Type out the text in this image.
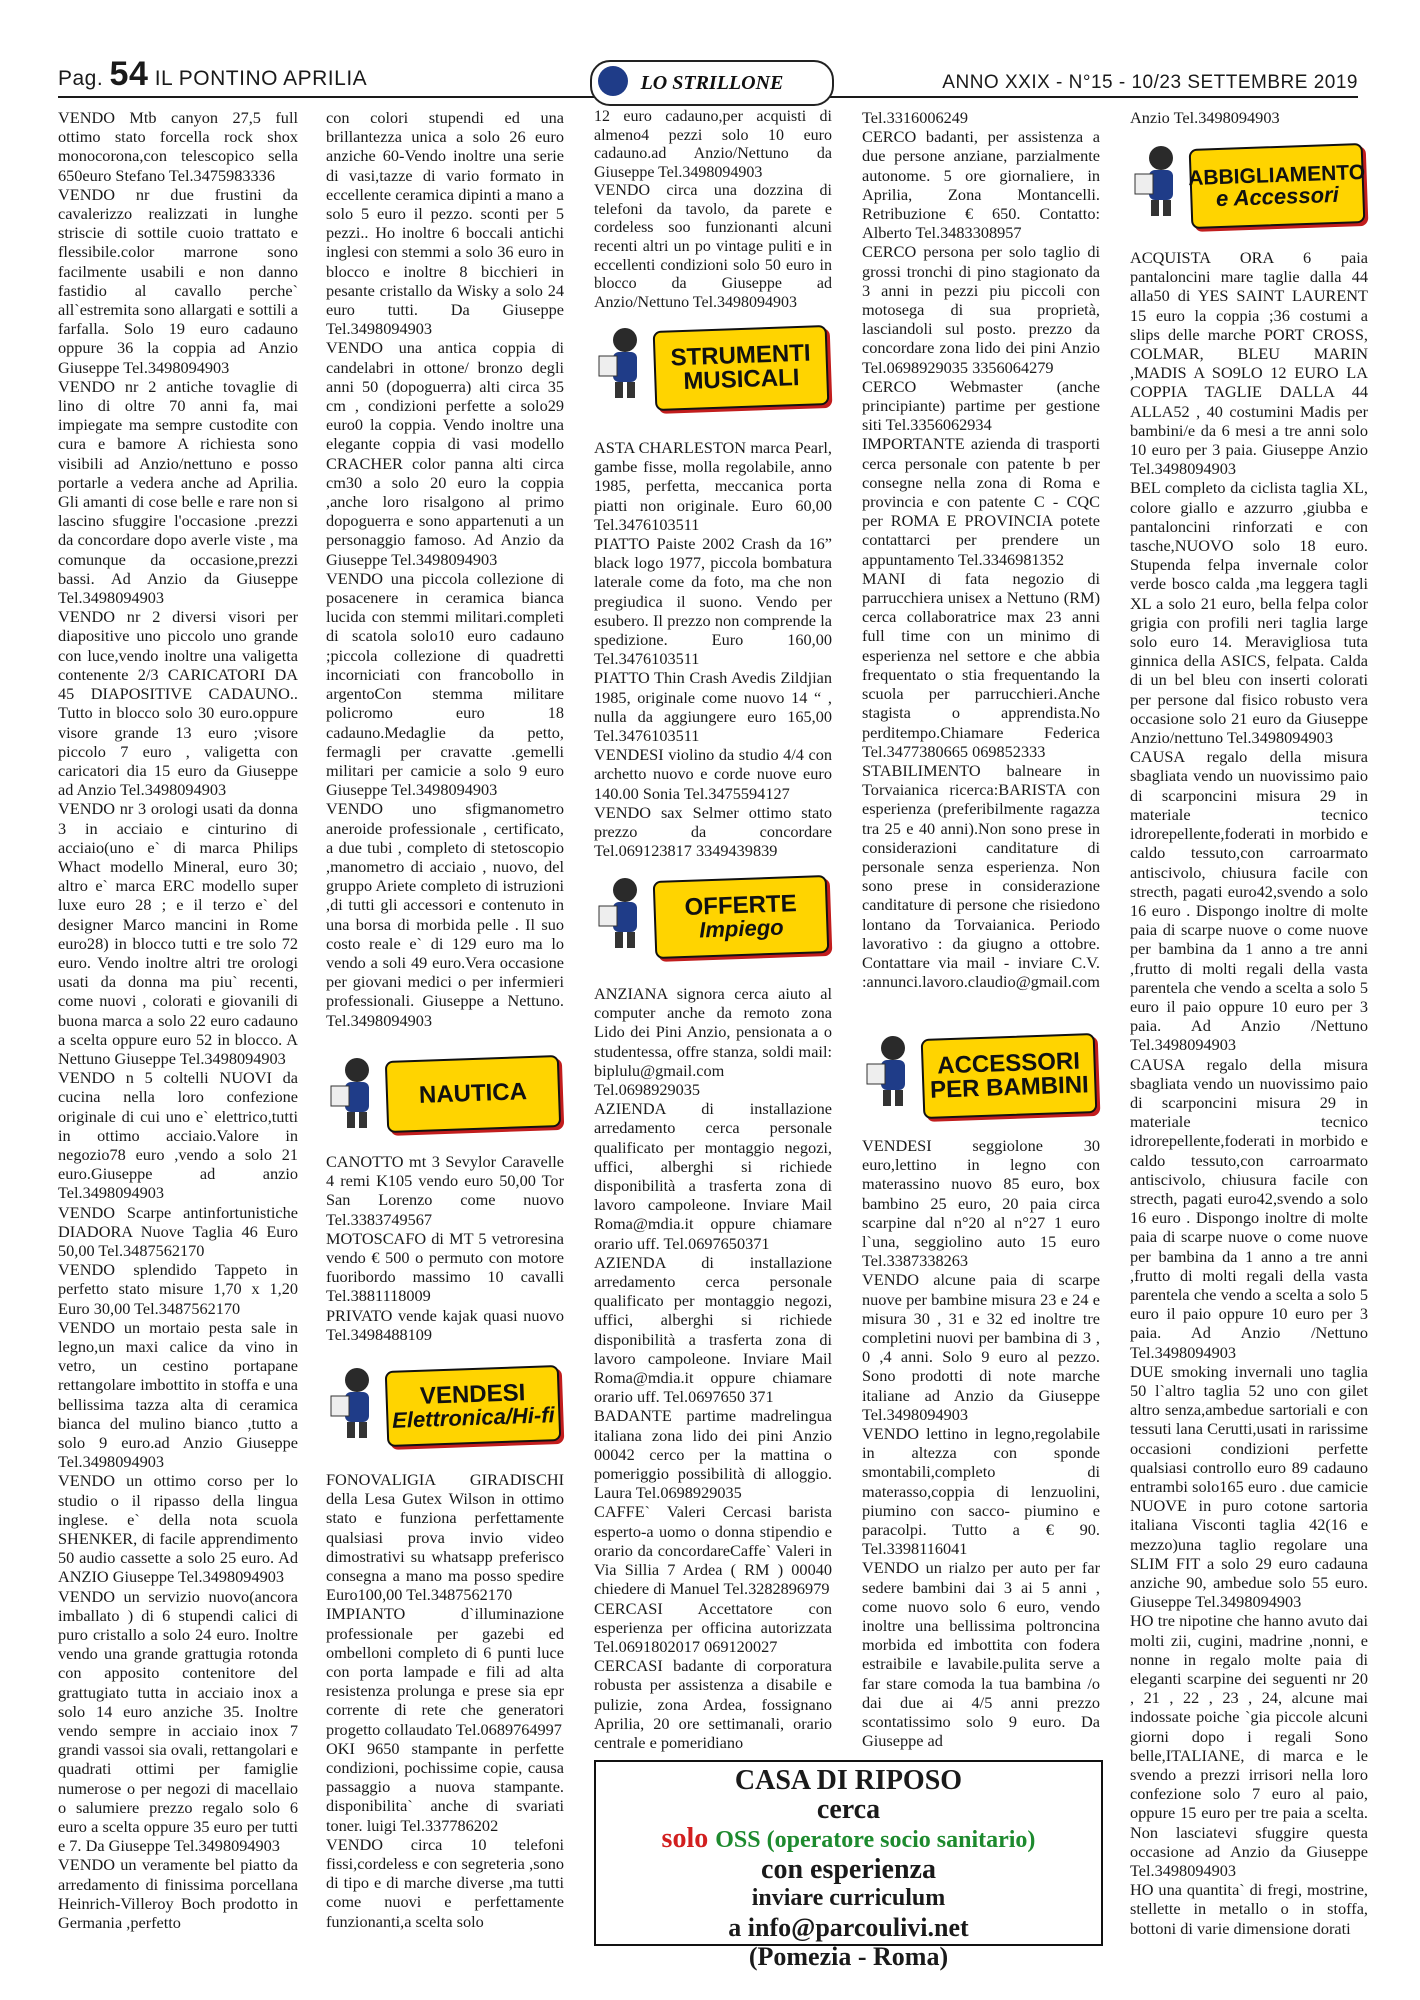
Pag. 54 IL PONTINO APRILIA	ANNO XXIX - N°15 - 10/23 SETTEMBRE 2019
LO STRILLONE

VENDO Mtb canyon 27,5 full ottimo stato forcella rock shox monocorona,con telescopico sella 650euro Stefano Tel.3475983336

VENDO nr due frustini da cavalerizzo realizzati in lunghe striscie di sottile cuoio trattato e flessibile.color marrone sono facilmente usabili e non danno fastidio al cavallo perche` all`estremita sono allargati e sottili a farfalla. Solo 19 euro cadauno oppure 36 la coppia ad Anzio Giuseppe Tel.3498094903

VENDO nr 2 antiche tovaglie di lino di oltre 70 anni fa, mai impiegate ma sempre custodite con cura e bamore A richiesta sono visibili ad Anzio/nettuno e posso portarle a vedera anche ad Aprilia. Gli amanti di cose belle e rare non si lascino sfuggire l'occasione .prezzi da concordare dopo averle viste , ma comunque da occasione,prezzi bassi. Ad Anzio da Giuseppe Tel.3498094903

VENDO nr 2 diversi visori per diapositive uno piccolo uno grande con luce,vendo inoltre una valigetta contenente 2/3 CARICATORI DA 45 DIAPOSITIVE CADAUNO.. Tutto in blocco solo 30 euro.oppure visore grande 13 euro ;visore piccolo 7 euro , valigetta con caricatori dia 15 euro da Giuseppe ad Anzio Tel.3498094903

VENDO nr 3 orologi usati da donna 3 in acciaio e cinturino di acciaio(uno e` di marca Philips Whact modello Mineral, euro 30; altro e` marca ERC modello super luxe euro 28 ; e il terzo e` del designer Marco mancini in Rome euro28) in blocco tutti e tre solo 72 euro. Vendo inoltre altri tre orologi usati da donna ma piu` recenti, come nuovi , colorati e giovanili di buona marca a solo 22 euro cadauno a scelta oppure euro 52 in blocco. A Nettuno Giuseppe Tel.3498094903

VENDO n 5 coltelli NUOVI da cucina nella loro confezione originale di cui uno e` elettrico,tutti in ottimo acciaio.Valore in negozio78 euro ,vendo a solo 21 euro.Giuseppe ad anzio Tel.3498094903

VENDO Scarpe antinfortunistiche DIADORA Nuove Taglia 46 Euro 50,00 Tel.3487562170

VENDO splendido Tappeto in perfetto stato misure 1,70 x 1,20 Euro 30,00 Tel.3487562170

VENDO un mortaio pesta sale in legno,un maxi calice da vino in vetro, un cestino portapane rettangolare imbottito in stoffa e una bellissima tazza alta di ceramica bianca del mulino bianco ,tutto a solo 9 euro.ad Anzio Giuseppe Tel.3498094903

VENDO un ottimo corso per lo studio o il ripasso della lingua inglese. e` della nota scuola SHENKER, di facile apprendimento 50 audio cassette a solo 25 euro. Ad ANZIO Giuseppe Tel.3498094903

VENDO un servizio nuovo(ancora imballato ) di 6 stupendi calici di puro cristallo a solo 24 euro. Inoltre vendo una grande grattugia rotonda con apposito contenitore del grattugiato tutta in acciaio inox a solo 14 euro anziche 35. Inoltre vendo sempre in acciaio inox 7 grandi vassoi sia ovali, rettangolari e quadrati ottimi per famiglie numerose o per negozi di macellaio o salumiere prezzo regalo solo 6 euro a scelta oppure 35 euro per tutti e 7. Da Giuseppe Tel.3498094903

VENDO un veramente bel piatto da arredamento di finissima porcellana Heinrich-Villeroy Boch prodotto in Germania ,perfetto

con colori stupendi ed una brillantezza unica a solo 26 euro anziche 60-Vendo inoltre una serie di vasi,tazze di vario formato in eccellente ceramica dipinti a mano a solo 5 euro il pezzo. sconti per 5 pezzi.. Ho inoltre 6 boccali antichi inglesi con stemmi a solo 36 euro in blocco e inoltre 8 bicchieri in pesante cristallo da Wisky a solo 24 euro tutti. Da Giuseppe Tel.3498094903

VENDO una antica coppia di candelabri in ottone/ bronzo degli anni 50 (dopoguerra) alti circa 35 cm , condizioni perfette a solo29 euro0 la coppia. Vendo inoltre una elegante coppia di vasi modello CRACHER color panna alti circa cm30 a solo 20 euro la coppia ,anche loro risalgono al primo dopoguerra e sono appartenuti a un personaggio famoso. Ad Anzio da Giuseppe Tel.3498094903

VENDO una piccola collezione di posacenere in ceramica bianca lucida con stemmi militari.completi di scatola solo10 euro cadauno ;piccola collezione di quadretti incorniciati con francobollo in argentoCon stemma militare policromo euro 18 cadauno.Medaglie da petto, fermagli per cravatte .gemelli militari per camicie a solo 9 euro Giuseppe Tel.3498094903

VENDO uno sfigmanometro aneroide professionale , certificato, a due tubi , completo di stetoscopio ,manometro di acciaio , nuovo, del gruppo Ariete completo di istruzioni ,di tutti gli accessori e contenuto in una borsa di morbida pelle . Il suo costo reale e` di 129 euro ma lo vendo a soli 49 euro.Vera occasione per giovani medici o per infermieri professionali. Giuseppe a Nettuno. Tel.3498094903

NAUTICA

CANOTTO mt 3 Sevylor Caravelle 4 remi K105 vendo euro 50,00 Tor San Lorenzo come nuovo Tel.3383749567

MOTOSCAFO di MT 5 vetroresina vendo € 500 o permuto con motore fuoribordo massimo 10 cavalli Tel.3881118009

PRIVATO vende kajak quasi nuovo Tel.3498488109

VENDESI
Elettronica/Hi-fi

FONOVALIGIA GIRADISCHI della Lesa Gutex Wilson in ottimo stato e funziona perfettamente qualsiasi prova invio video dimostrativi su whatsapp preferisco consegna a mano ma posso spedire Euro100,00 Tel.3487562170

IMPIANTO d`illuminazione professionale per gazebi ed ombelloni completo di 6 punti luce con porta lampade e fili ad alta resistenza prolunga e prese sia epr corrente di rete che generatori progetto collaudato Tel.0689764997

OKI 9650 stampante in perfette condizioni, pochissime copie, causa passaggio a nuova stampante. disponibilita` anche di svariati toner. luigi Tel.337786202

VENDO circa 10 telefoni fissi,cordeless e con segreteria ,sono di tipo e di marche diverse ,ma tutti come nuovi e perfettamente funzionanti,a scelta solo

12 euro cadauno,per acquisti di almeno4 pezzi solo 10 euro cadauno.ad Anzio/Nettuno da Giuseppe Tel.3498094903

VENDO circa una dozzina di telefoni da tavolo, da parete e cordeless soo funzionanti alcuni recenti altri un po vintage puliti e in eccellenti condizioni solo 50 euro in blocco da Giuseppe ad Anzio/Nettuno Tel.3498094903

STRUMENTI
MUSICALI

ASTA CHARLESTON marca Pearl, gambe fisse, molla regolabile, anno 1985, perfetta, meccanica porta piatti non originale. Euro 60,00 Tel.3476103511

PIATTO Paiste 2002 Crash da 16” black logo 1977, piccola bombatura laterale come da foto, ma che non pregiudica il suono. Vendo per esubero. Il prezzo non comprende la spedizione. Euro 160,00 Tel.3476103511

PIATTO Thin Crash Avedis Zildjian 1985, originale come nuovo 14 “ , nulla da aggiungere euro 165,00 Tel.3476103511

VENDESI violino da studio 4/4 con archetto nuovo e corde nuove euro 140.00 Sonia Tel.3475594127

VENDO sax Selmer ottimo stato prezzo da concordare Tel.069123817 3349439839

OFFERTE
Impiego

ANZIANA signora cerca aiuto al computer anche da remoto zona Lido dei Pini Anzio, pensionata a o studentessa, offre stanza, soldi mail: biplulu@gmail.com Tel.0698929035

AZIENDA di installazione arredamento cerca personale qualificato per montaggio negozi, uffici, alberghi si richiede disponibilità a trasferta zona di lavoro campoleone. Inviare Mail Roma@mdia.it oppure chiamare orario uff. Tel.0697650371

AZIENDA di installazione arredamento cerca personale qualificato per montaggio negozi, uffici, alberghi si richiede disponibilità a trasferta zona di lavoro campoleone. Inviare Mail Roma@mdia.it oppure chiamare orario uff. Tel.0697650 371

BADANTE partime madrelingua italiana zona lido dei pini Anzio 00042 cerco per la mattina o pomeriggio possibilità di alloggio. Laura Tel.0698929035

CAFFE` Valeri Cercasi barista esperto-a uomo o donna stipendio e orario da concordareCaffe` Valeri in Via Sillia 7 Ardea ( RM ) 00040 chiedere di Manuel Tel.3282896979

CERCASI Accettatore con esperienza per officina autorizzata Tel.0691802017 069120027

CERCASI badante di corporatura robusta per assistenza a disabile e pulizie, zona Ardea, fossignano Aprilia, 20 ore settimanali, orario centrale e pomeridiano

Tel.3316006249

CERCO badanti, per assistenza a due persone anziane, parzialmente autonome. 5 ore giornaliere, in Aprilia, Zona Montancelli. Retribuzione € 650. Contatto: Alberto Tel.3483308957

CERCO persona per solo taglio di grossi tronchi di pino stagionato da 3 anni in pezzi piu piccoli con motosega di sua proprietà, lasciandoli sul posto. prezzo da concordare zona lido dei pini Anzio Tel.0698929035 3356064279

CERCO Webmaster (anche principiante) partime per gestione siti Tel.3356062934

IMPORTANTE azienda di trasporti cerca personale con patente b per consegne nella zona di Roma e provincia e con patente C - CQC per ROMA E PROVINCIA potete contattarci per prendere un appuntamento Tel.3346981352

MANI di fata negozio di parrucchiera unisex a Nettuno (RM) cerca collaboratrice max 23 anni full time con un minimo di esperienza nel settore e che abbia frequentato o stia frequentando la scuola per parrucchieri.Anche stagista o apprendista.No perditempo.Chiamare Federica Tel.3477380665 069852333

STABILIMENTO balneare in Torvaianica ricerca:BARISTA con esperienza (preferibilmente ragazza tra 25 e 40 anni).Non sono prese in considerazioni canditature di personale senza esperienza. Non sono prese in considerazione canditature di persone che risiedono lontano da Torvaianica. Periodo lavorativo : da giugno a ottobre. Contattare via mail - inviare C.V. :annunci.lavoro.claudio@gmail.com

ACCESSORI
PER BAMBINI

VENDESI seggiolone 30 euro,lettino in legno con materassino nuovo 85 euro, box bambino 25 euro, 20 paia circa scarpine dal n°20 al n°27 1 euro l`una, seggiolino auto 15 euro Tel.3387338263

VENDO alcune paia di scarpe nuove per bambine misura 23 e 24 e misura 30 , 31 e 32 ed inoltre tre completini nuovi per bambina di 3 , 0 ,4 anni. Solo 9 euro al pezzo. Sono prodotti di note marche italiane ad Anzio da Giuseppe Tel.3498094903

VENDO lettino in legno,regolabile in altezza con sponde smontabili,completo di materasso,coppia di lenzuolini, piumino con sacco- piumino e paracolpi. Tutto a € 90. Tel.3398116041

VENDO un rialzo per auto per far sedere bambini dai 3 ai 5 anni , come nuovo solo 6 euro, vendo inoltre una bellissima poltroncina morbida ed imbottita con fodera estraibile e lavabile.pulita serve a far stare comoda la tua bambina /o dai due ai 4/5 anni prezzo scontatissimo solo 9 euro. Da Giuseppe ad

Anzio Tel.3498094903

ABBIGLIAMENTO
e Accessori

ACQUISTA ORA 6 paia pantaloncini mare taglie dalla 44 alla50 di YES SAINT LAURENT 15 euro la coppia ;36 costumi a slips delle marche PORT CROSS, COLMAR, BLEU MARIN ,MADIS A SO9LO 12 EURO LA COPPIA TAGLIE DALLA 44 ALLA52 , 40 costumini Madis per bambini/e da 6 mesi a tre anni solo 10 euro per 3 paia. Giuseppe Anzio Tel.3498094903

BEL completo da ciclista taglia XL, colore giallo e azzurro ,giubba e pantaloncini rinforzati e con tasche,NUOVO solo 18 euro. Stupenda felpa invernale color verde bosco calda ,ma leggera tagli XL a solo 21 euro, bella felpa color grigia con profili neri taglia large solo euro 14. Meravigliosa tuta ginnica della ASICS, felpata. Calda di un bel bleu con inserti colorati per persone dal fisico robusto vera occasione solo 21 euro da Giuseppe Anzio/nettuno Tel.3498094903

CAUSA regalo della misura sbagliata vendo un nuovissimo paio di scarponcini misura 29 in materiale tecnico idrorepellente,foderati in morbido e caldo tessuto,con carroarmato antiscivolo, chiusura facile con strecth, pagati euro42,svendo a solo 16 euro . Dispongo inoltre di molte paia di scarpe nuove o come nuove per bambina da 1 anno a tre anni ,frutto di molti regali della vasta parentela che vendo a scelta a solo 5 euro il paio oppure 10 euro per 3 paia. Ad Anzio /Nettuno Tel.3498094903

CAUSA regalo della misura sbagliata vendo un nuovissimo paio di scarponcini misura 29 in materiale tecnico idrorepellente,foderati in morbido e caldo tessuto,con carroarmato antiscivolo, chiusura facile con strecth, pagati euro42,svendo a solo 16 euro . Dispongo inoltre di molte paia di scarpe nuove o come nuove per bambina da 1 anno a tre anni ,frutto di molti regali della vasta parentela che vendo a scelta a solo 5 euro il paio oppure 10 euro per 3 paia. Ad Anzio /Nettuno Tel.3498094903

DUE smoking invernali uno taglia 50 l`altro taglia 52 uno con gilet altro senza,ambedue sartoriali e con tessuti lana Cerutti,usati in rarissime occasioni condizioni perfette qualsiasi controllo euro 89 cadauno entrambi solo165 euro . due camicie NUOVE in puro cotone sartoria italiana Visconti taglia 42(16 e mezzo)una taglio regolare una SLIM FIT a solo 29 euro cadauna anziche 90, ambedue solo 55 euro. Giuseppe Tel.3498094903

HO tre nipotine che hanno avuto dai molti zii, cugini, madrine ,nonni, e nonne in regalo molte paia di eleganti scarpine dei seguenti nr 20 , 21 , 22 , 23 , 24, alcune mai indossate poiche `gia piccole alcuni giorni dopo i regali Sono belle,ITALIANE, di marca e le svendo a prezzi irrisori nella loro confezione solo 7 euro al paio, oppure 15 euro per tre paia a scelta. Non lasciatevi sfuggire questa occasione ad Anzio da Giuseppe Tel.3498094903

HO una quantita` di fregi, mostrine, stellette in metallo o in stoffa, bottoni di varie dimensione dorati

CASA DI RIPOSO
cerca
solo OSS (operatore socio sanitario)
con esperienza
inviare curriculum
a info@parcoulivi.net
(Pomezia - Roma)
